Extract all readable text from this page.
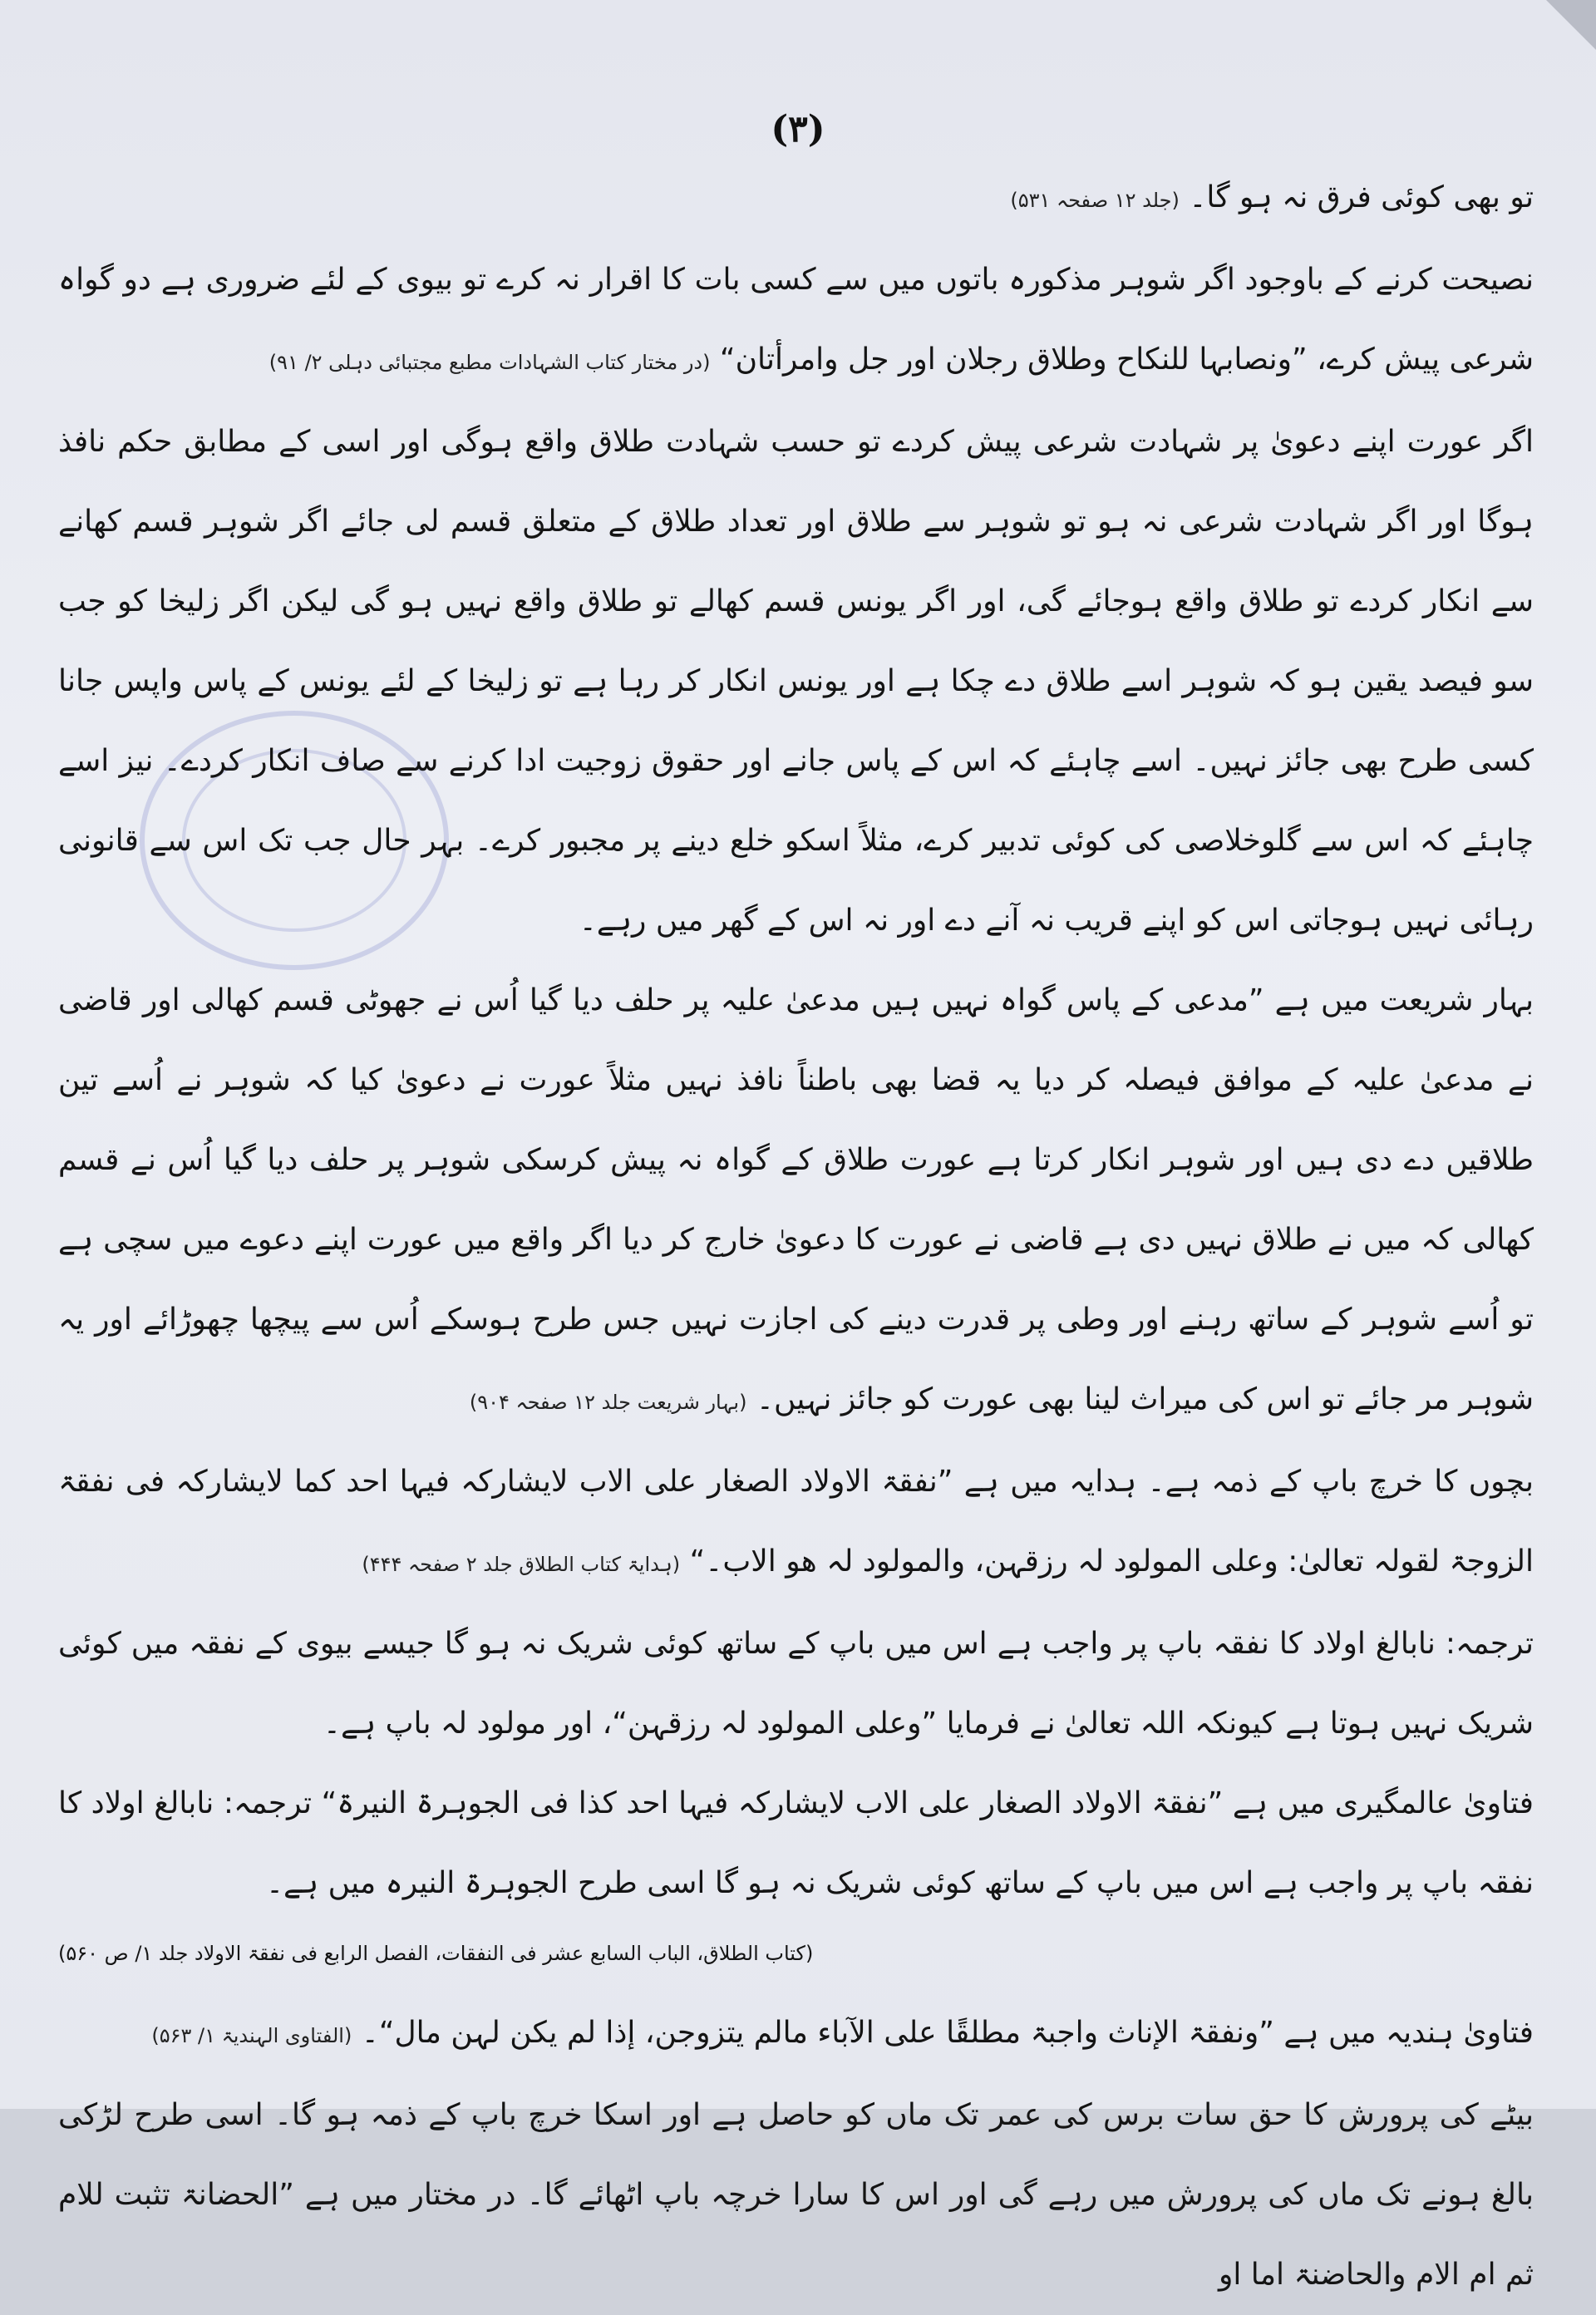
(۳)

تو بھی کوئی فرق نہ ہو گا۔ (جلد ۱۲ صفحہ ۵۳۱)

نصیحت کرنے کے باوجود اگر شوہر مذکورہ باتوں میں سے کسی بات کا اقرار نہ کرے تو بیوی کے لئے ضروری ہے دو گواہ شرعی پیش کرے، ”ونصابہا للنکاح وطلاق رجلان اور جل وامرأتان“ (در مختار کتاب الشہادات مطبع مجتبائی دہلی ۲/ ۹۱)

اگر عورت اپنے دعویٰ پر شہادت شرعی پیش کردے تو حسب شہادت طلاق واقع ہوگی اور اسی کے مطابق حکم نافذ ہوگا اور اگر شہادت شرعی نہ ہو تو شوہر سے طلاق اور تعداد طلاق کے متعلق قسم لی جائے اگر شوہر قسم کھانے سے انکار کردے تو طلاق واقع ہوجائے گی، اور اگر یونس قسم کھالے تو طلاق واقع نہیں ہو گی لیکن اگر زلیخا کو جب سو فیصد یقین ہو کہ شوہر اسے طلاق دے چکا ہے اور یونس انکار کر رہا ہے تو زلیخا کے لئے یونس کے پاس واپس جانا کسی طرح بھی جائز نہیں۔ اسے چاہئے کہ اس کے پاس جانے اور حقوق زوجیت ادا کرنے سے صاف انکار کردے۔ نیز اسے چاہئے کہ اس سے گلوخلاصی کی کوئی تدبیر کرے، مثلاً اسکو خلع دینے پر مجبور کرے۔ بہر حال جب تک اس سے قانونی رہائی نہیں ہوجاتی اس کو اپنے قریب نہ آنے دے اور نہ اس کے گھر میں رہے۔

بہار شریعت میں ہے ”مدعی کے پاس گواہ نہیں ہیں مدعیٰ علیہ پر حلف دیا گیا اُس نے جھوٹی قسم کھالی اور قاضی نے مدعیٰ علیہ کے موافق فیصلہ کر دیا یہ قضا بھی باطناً نافذ نہیں مثلاً عورت نے دعویٰ کیا کہ شوہر نے اُسے تین طلاقیں دے دی ہیں اور شوہر انکار کرتا ہے عورت طلاق کے گواہ نہ پیش کرسکی شوہر پر حلف دیا گیا اُس نے قسم کھالی کہ میں نے طلاق نہیں دی ہے قاضی نے عورت کا دعویٰ خارج کر دیا اگر واقع میں عورت اپنے دعوے میں سچی ہے تو اُسے شوہر کے ساتھ رہنے اور وطی پر قدرت دینے کی اجازت نہیں جس طرح ہوسکے اُس سے پیچھا چھوڑائے اور یہ شوہر مر جائے تو اس کی میراث لینا بھی عورت کو جائز نہیں۔ (بہار شریعت جلد ۱۲ صفحہ ۹۰۴)

بچوں کا خرچ باپ کے ذمہ ہے۔ ہدایہ میں ہے ”نفقۃ الاولاد الصغار علی الاب لایشارکہ فیہا احد کما لایشارکہ فی نفقۃ الزوجۃ لقولہ تعالیٰ: وعلی المولود لہ رزقہن، والمولود لہ ھو الاب۔“ (ہدایۃ کتاب الطلاق جلد ۲ صفحہ ۴۴۴)

ترجمہ: نابالغ اولاد کا نفقہ باپ پر واجب ہے اس میں باپ کے ساتھ کوئی شریک نہ ہو گا جیسے بیوی کے نفقہ میں کوئی شریک نہیں ہوتا ہے کیونکہ اللہ تعالیٰ نے فرمایا ”وعلی المولود لہ رزقہن“، اور مولود لہ باپ ہے۔

فتاویٰ عالمگیری میں ہے ”نفقۃ الاولاد الصغار علی الاب لایشارکہ فیہا احد کذا فی الجوہرۃ النیرۃ“ ترجمہ: نابالغ اولاد کا نفقہ باپ پر واجب ہے اس میں باپ کے ساتھ کوئی شریک نہ ہو گا اسی طرح الجوہرۃ النیرہ میں ہے۔

(کتاب الطلاق، الباب السابع عشر فی النفقات، الفصل الرابع فی نفقۃ الاولاد جلد ۱/ ص ۵۶۰)

فتاویٰ ہندیہ میں ہے ”ونفقۃ الإناث واجبۃ مطلقًا علی الآباء مالم یتزوجن، إذا لم یکن لہن مال“۔ (الفتاوی الہندیۃ ۱/ ۵۶۳)

بیٹے کی پرورش کا حق سات برس کی عمر تک ماں کو حاصل ہے اور اسکا خرچ باپ کے ذمہ ہو گا۔ اسی طرح لڑکی بالغ ہونے تک ماں کی پرورش میں رہے گی اور اس کا سارا خرچہ باپ اٹھائے گا۔ در مختار میں ہے ”الحضانۃ تثبت للام ثم ام الام والحاضنۃ اما او
